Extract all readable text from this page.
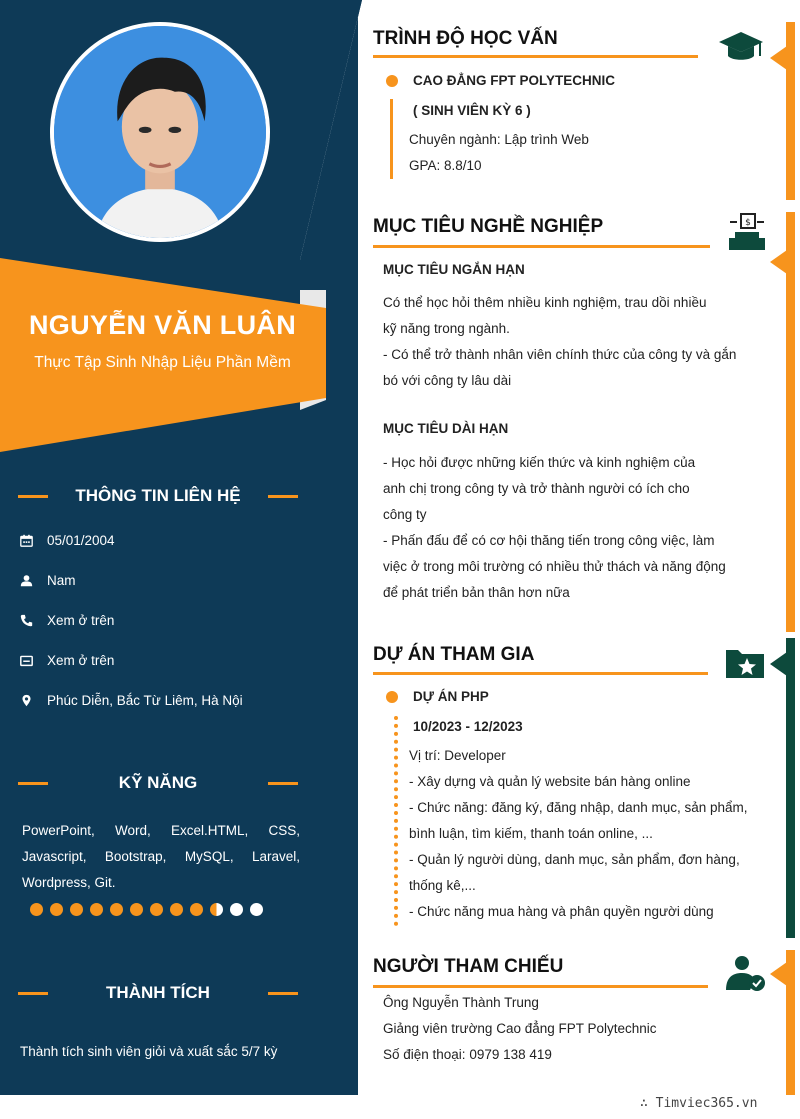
NGUYỄN VĂN LUÂN
Thực Tập Sinh Nhập Liệu Phần Mềm
THÔNG TIN LIÊN HỆ
05/01/2004
Nam
Xem ở trên
Xem ở trên
Phúc Diễn, Bắc Từ Liêm, Hà Nội
KỸ NĂNG
PowerPoint, Word, Excel.HTML, CSS, Javascript, Bootstrap, MySQL, Laravel, Wordpress, Git.
THÀNH TÍCH
Thành tích sinh viên giỏi và xuất sắc 5/7 kỳ
TRÌNH ĐỘ HỌC VẤN
CAO ĐẲNG FPT POLYTECHNIC
( SINH VIÊN KỲ 6 )
Chuyên ngành: Lập trình Web
GPA: 8.8/10
MỤC TIÊU NGHỀ NGHIỆP	$
MỤC TIÊU NGẮN HẠN
Có thể học hỏi thêm nhiều kinh nghiệm, trau dồi nhiều
kỹ năng trong ngành.
- Có thể trở thành nhân viên chính thức của công ty và gắn
bó với công ty lâu dài
MỤC TIÊU DÀI HẠN
- Học hỏi được những kiến thức và kinh nghiệm của
anh chị trong công ty và trở thành người có ích cho
công ty
- Phấn đấu để có cơ hội thăng tiến trong công việc, làm
việc ở trong môi trường có nhiều thử thách và năng động
để phát triển bản thân hơn nữa
DỰ ÁN THAM GIA
DỰ ÁN PHP
10/2023 - 12/2023
Vị trí: Developer
- Xây dựng và quản lý website bán hàng online
- Chức năng: đăng ký, đăng nhập, danh mục, sản phẩm,
bình luận, tìm kiếm, thanh toán online, ...
- Quản lý người dùng, danh mục, sản phẩm, đơn hàng,
thống kê,...
- Chức năng mua hàng và phân quyền người dùng
NGƯỜI THAM CHIẾU
Ông Nguyễn Thành Trung
Giảng viên trường Cao đẳng FPT Polytechnic
Số điện thoại: 0979 138 419
∴ Timviec365.vn
